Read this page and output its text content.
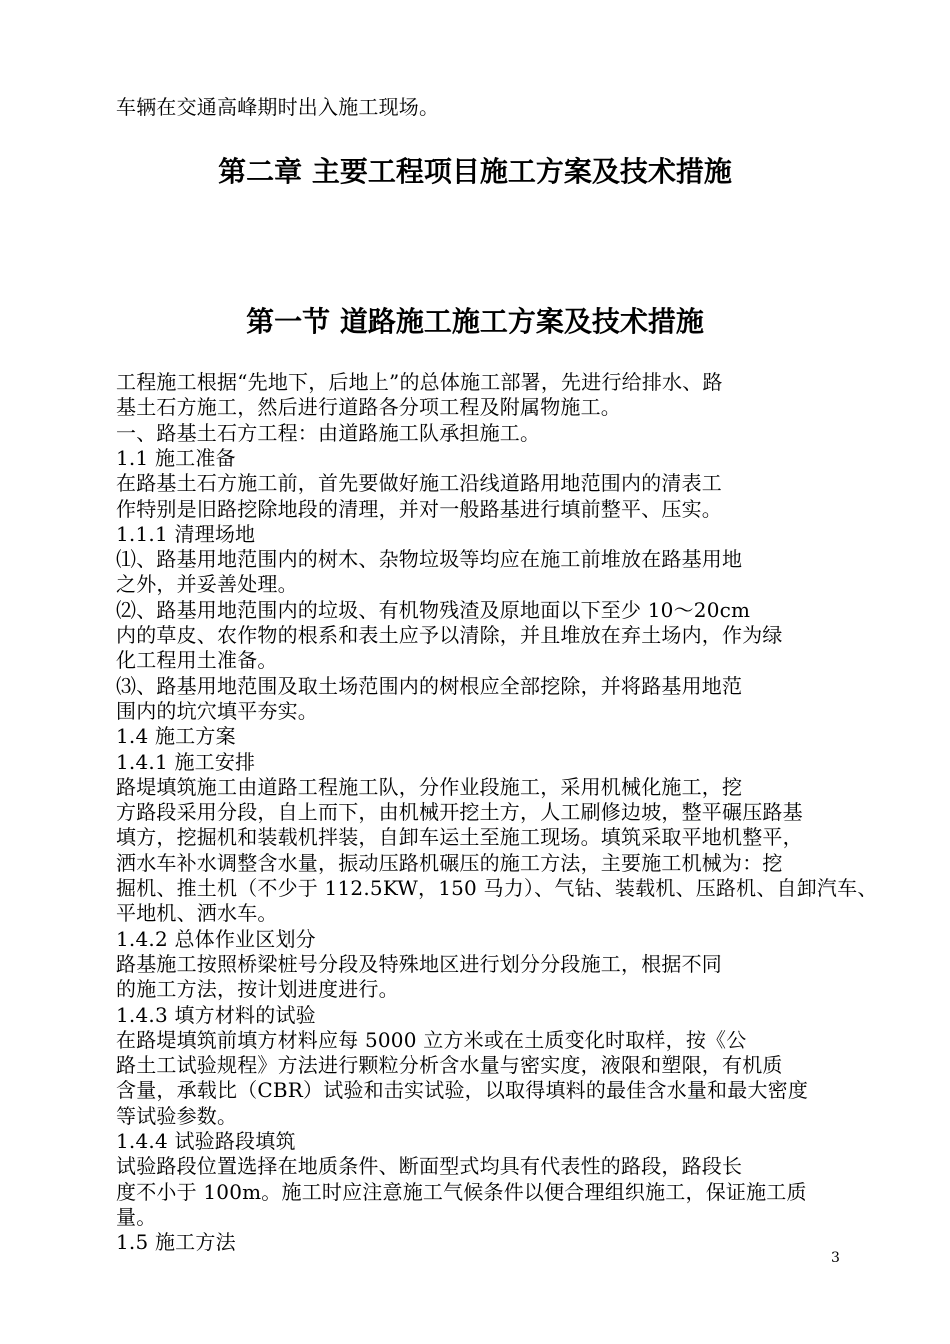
车辆在交通高峰期时出入施工现场。
第二章 主要工程项目施工方案及技术措施
第一节 道路施工施工方案及技术措施
工程施工根据“先地下，后地上”的总体施工部署，先进行给排水、路
基土石方施工，然后进行道路各分项工程及附属物施工。
一、路基土石方工程：由道路施工队承担施工。
1.1 施工准备
在路基土石方施工前，首先要做好施工沿线道路用地范围内的清表工
作特别是旧路挖除地段的清理，并对一般路基进行填前整平、压实。
1.1.1 清理场地
⑴、路基用地范围内的树木、杂物垃圾等均应在施工前堆放在路基用地
之外，并妥善处理。
⑵、路基用地范围内的垃圾、有机物残渣及原地面以下至少 10～20cm
内的草皮、农作物的根系和表土应予以清除，并且堆放在弃土场内，作为绿
化工程用土准备。
⑶、路基用地范围及取土场范围内的树根应全部挖除，并将路基用地范
围内的坑穴填平夯实。
1.4 施工方案
1.4.1 施工安排
路堤填筑施工由道路工程施工队，分作业段施工，采用机械化施工，挖
方路段采用分段，自上而下，由机械开挖土方，人工刷修边坡，整平碾压路基
填方，挖掘机和装载机拌装，自卸车运土至施工现场。填筑采取平地机整平，
洒水车补水调整含水量，振动压路机碾压的施工方法，主要施工机械为：挖
掘机、推土机（不少于 112.5KW，150 马力）、气钻、装载机、压路机、自卸汽车、
平地机、洒水车。
1.4.2 总体作业区划分
路基施工按照桥梁桩号分段及特殊地区进行划分分段施工，根据不同
的施工方法，按计划进度进行。
1.4.3 填方材料的试验
在路堤填筑前填方材料应每 5000 立方米或在土质变化时取样，按《公
路土工试验规程》方法进行颗粒分析含水量与密实度，液限和塑限，有机质
含量，承载比（CBR）试验和击实试验，以取得填料的最佳含水量和最大密度
等试验参数。
1.4.4 试验路段填筑
试验路段位置选择在地质条件、断面型式均具有代表性的路段，路段长
度不小于 100m。施工时应注意施工气候条件以便合理组织施工，保证施工质
量。
1.5 施工方法
3
